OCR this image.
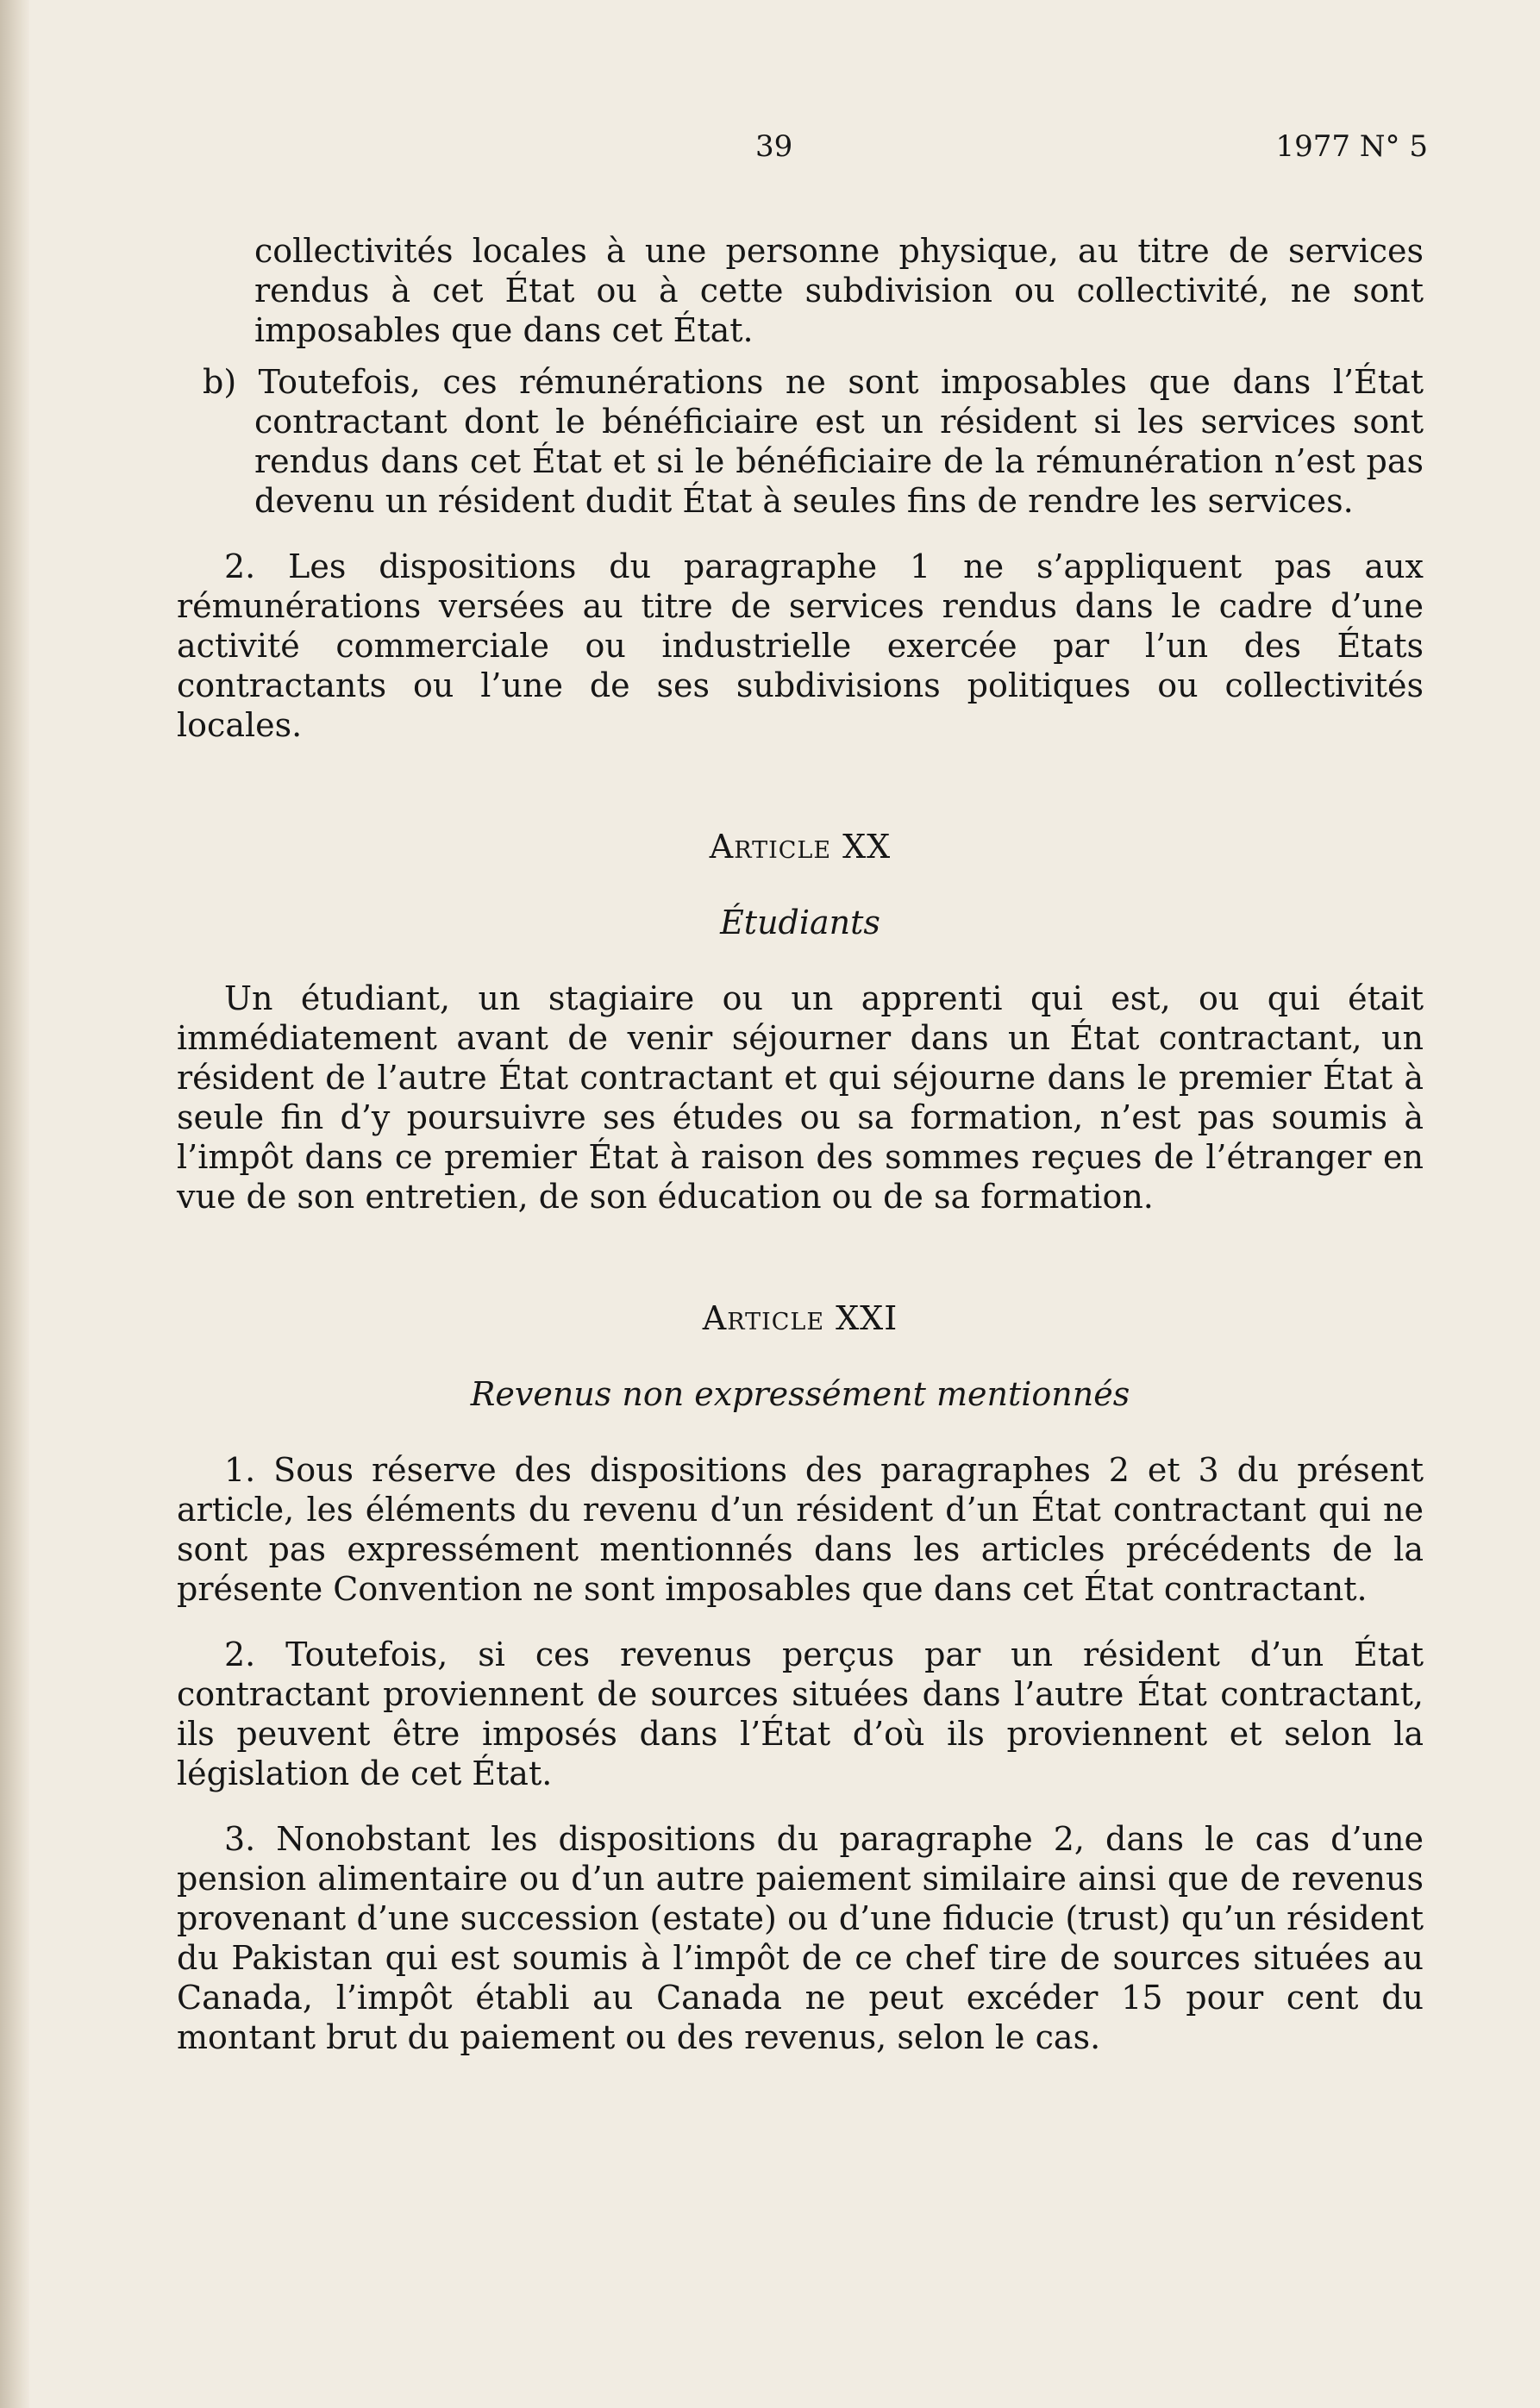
39	1977 N° 5

collectivités locales à une personne physique, au titre de services rendus à cet État ou à cette subdivision ou collectivité, ne sont imposables que dans cet État.

b) Toutefois, ces rémunérations ne sont imposables que dans l’État contractant dont le bénéficiaire est un résident si les services sont rendus dans cet État et si le bénéficiaire de la rémunération n’est pas devenu un résident dudit État à seules fins de rendre les services.

2. Les dispositions du paragraphe 1 ne s’appliquent pas aux rémunérations versées au titre de services rendus dans le cadre d’une activité commerciale ou industrielle exercée par l’un des États contractants ou l’une de ses subdivisions politiques ou collectivités locales.

Article XX

Étudiants

Un étudiant, un stagiaire ou un apprenti qui est, ou qui était immédiatement avant de venir séjourner dans un État contractant, un résident de l’autre État contractant et qui séjourne dans le premier État à seule fin d’y poursuivre ses études ou sa formation, n’est pas soumis à l’impôt dans ce premier État à raison des sommes reçues de l’étranger en vue de son entretien, de son éducation ou de sa formation.

Article XXI

Revenus non expressément mentionnés

1. Sous réserve des dispositions des paragraphes 2 et 3 du présent article, les éléments du revenu d’un résident d’un État contractant qui ne sont pas expressément mentionnés dans les articles précédents de la présente Convention ne sont imposables que dans cet État contractant.

2. Toutefois, si ces revenus perçus par un résident d’un État contractant proviennent de sources situées dans l’autre État contractant, ils peuvent être imposés dans l’État d’où ils proviennent et selon la législation de cet État.

3. Nonobstant les dispositions du paragraphe 2, dans le cas d’une pension alimentaire ou d’un autre paiement similaire ainsi que de revenus provenant d’une succession (estate) ou d’une fiducie (trust) qu’un résident du Pakistan qui est soumis à l’impôt de ce chef tire de sources situées au Canada, l’impôt établi au Canada ne peut excéder 15 pour cent du montant brut du paiement ou des revenus, selon le cas.
